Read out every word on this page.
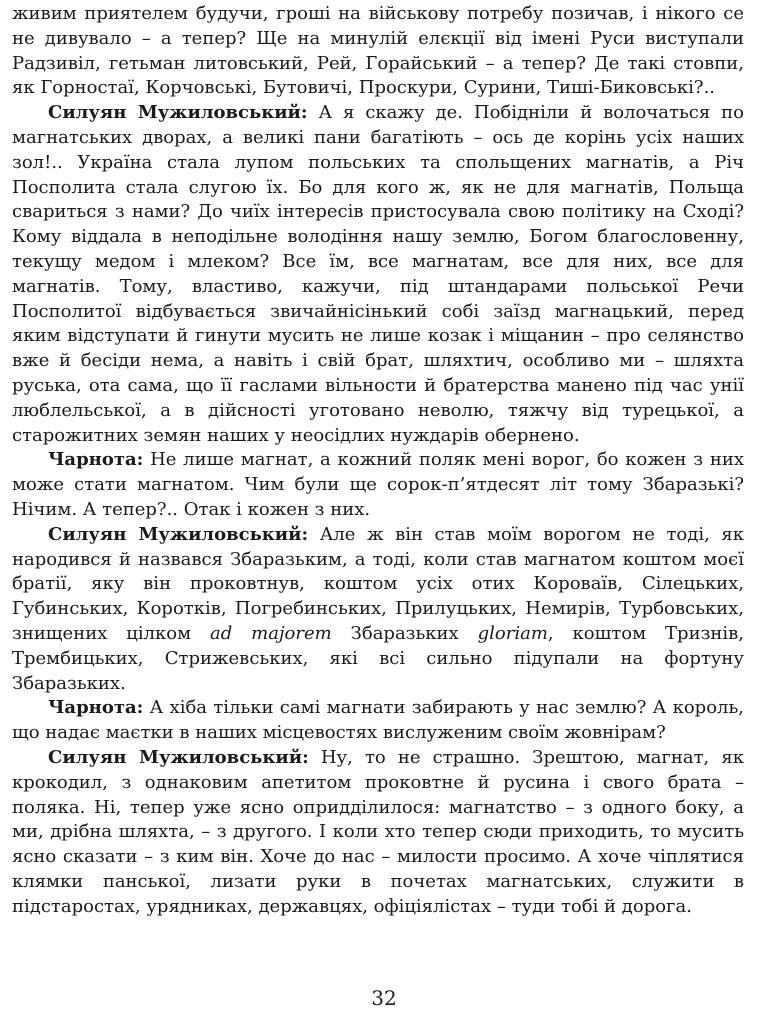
живим приятелем будучи, гроші на військову потребу позичав, і нікого се не дивувало – а тепер? Ще на минулій елєкції від імені Руси виступали Радзивіл, гетьман литовський, Рей, Горайський – а тепер? Де такі стовпи, як Горностаї, Корчовські, Бутовичі, Проскури, Сурини, Тиші-Биковські?..

Силуян Мужиловський: А я скажу де. Побідніли й волочаться по магнатських дворах, а великі пани багатіють – ось де корінь усіх наших зол!.. Україна стала лупом польських та спольщених магнатів, а Річ Посполита стала слугою їх. Бо для кого ж, як не для магнатів, Польща свариться з нами? До чиїх інтересів пристосувала свою політику на Сході? Кому віддала в неподільне володіння нашу землю, Богом благословенну, текущу медом і млеком? Все їм, все магнатам, все для них, все для магнатів. Тому, властиво, кажучи, під штандарами польської Речи Посполитої відбувається звичайнісінький собі заїзд магнацький, перед яким відступати й гинути мусить не лише козак і міщанин – про селянство вже й бесіди нема, а навіть і свій брат, шляхтич, особливо ми – шляхта руська, ота сама, що її гаслами вільности й братерства манено під час унії люблельської, а в дійсності уготовано неволю, тяжчу від турецької, а старожитних земян наших у неосідлих нуждарів обернено.

Чарнота: Не лише магнат, а кожний поляк мені ворог, бо кожен з них може стати магнатом. Чим були ще сорок-п’ятдесят літ тому Збаразькі? Нічим. А тепер?.. Отак і кожен з них.

Силуян Мужиловський: Але ж він став моїм ворогом не тоді, як народився й назвався Збаразьким, а тоді, коли став магнатом коштом моєї братії, яку він проковтнув, коштом усіх отих Короваїв, Сілецьких, Губинських, Коротків, Погребинських, Прилуцьких, Немирів, Турбовських, знищених цілком ad majorem Збаразьких gloriam, коштом Тризнів, Трембицьких, Стрижевських, які всі сильно підупали на фортуну Збаразьких.

Чарнота: А хіба тільки самі магнати забирають у нас землю? А король, що надає маєтки в наших місцевостях вислуженим своїм жовнірам?

Силуян Мужиловський: Ну, то не страшно. Зрештою, магнат, як крокодил, з однаковим апетитом проковтне й русина і свого брата – поляка. Ні, тепер уже ясно опридділилося: магнатство – з одного боку, а ми, дрібна шляхта, – з другого. І коли хто тепер сюди приходить, то мусить ясно сказати – з ким він. Хоче до нас – милости просимо. А хоче чіплятися клямки панської, лизати руки в почетах магнатських, служити в підстаростах, урядниках, державцях, офіціялістах – туди тобі й дорога.

32
